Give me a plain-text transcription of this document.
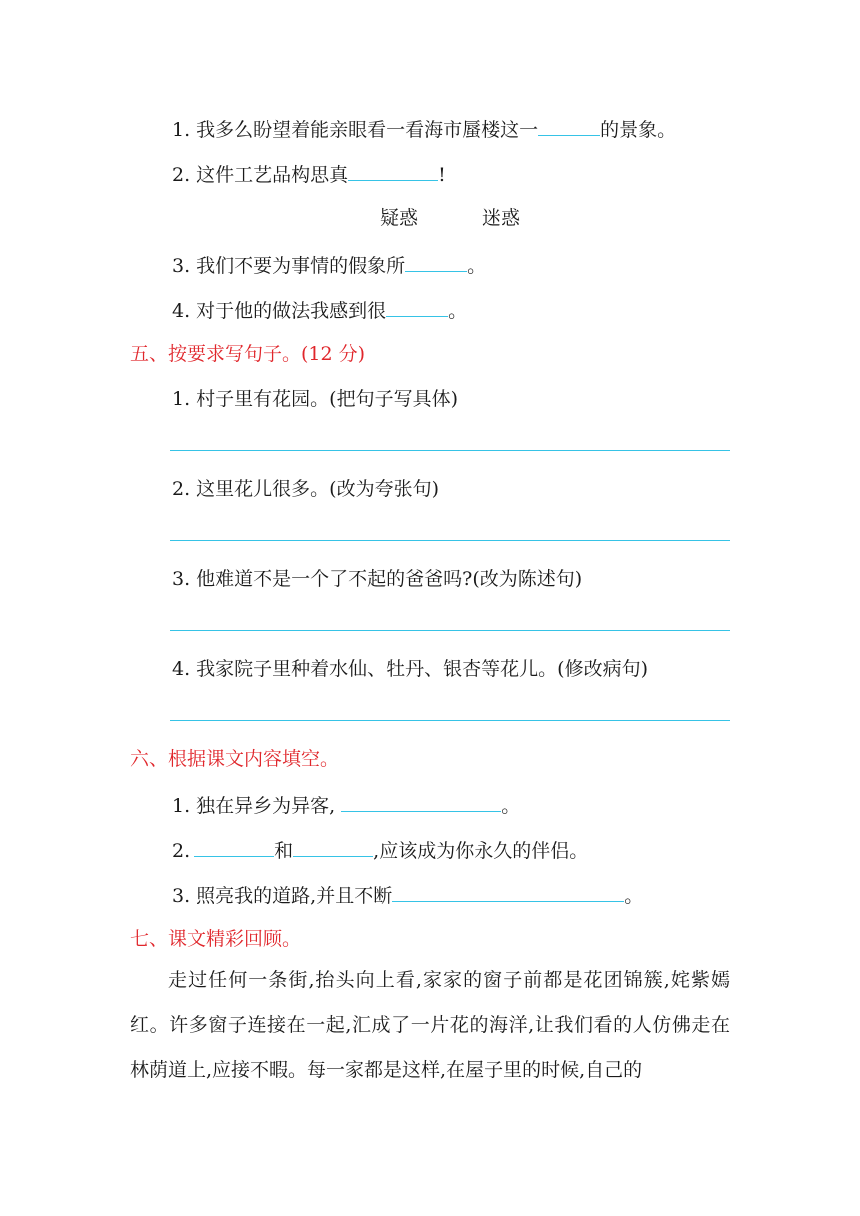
1. 我多么盼望着能亲眼看一看海市蜃楼这一	的景象。
2. 这件工艺品构思真	!
疑惑	迷惑
3. 我们不要为事情的假象所	。
4. 对于他的做法我感到很	。
五、按要求写句子。(12 分)
1. 村子里有花园。(把句子写具体)
2. 这里花儿很多。(改为夸张句)
3. 他难道不是一个了不起的爸爸吗?(改为陈述句)
4. 我家院子里种着水仙、牡丹、银杏等花儿。(修改病句)
六、根据课文内容填空。
1. 独在异乡为异客,	。
2.	和	,应该成为你永久的伴侣。
3. 照亮我的道路,并且不断	。
七、课文精彩回顾。
走过任何一条街,抬头向上看,家家的窗子前都是花团锦簇,姹紫嫣红。许多窗子连接在一起,汇成了一片花的海洋,让我们看的人仿佛走在林荫道上,应接不暇。每一家都是这样,在屋子里的时候,自己的
